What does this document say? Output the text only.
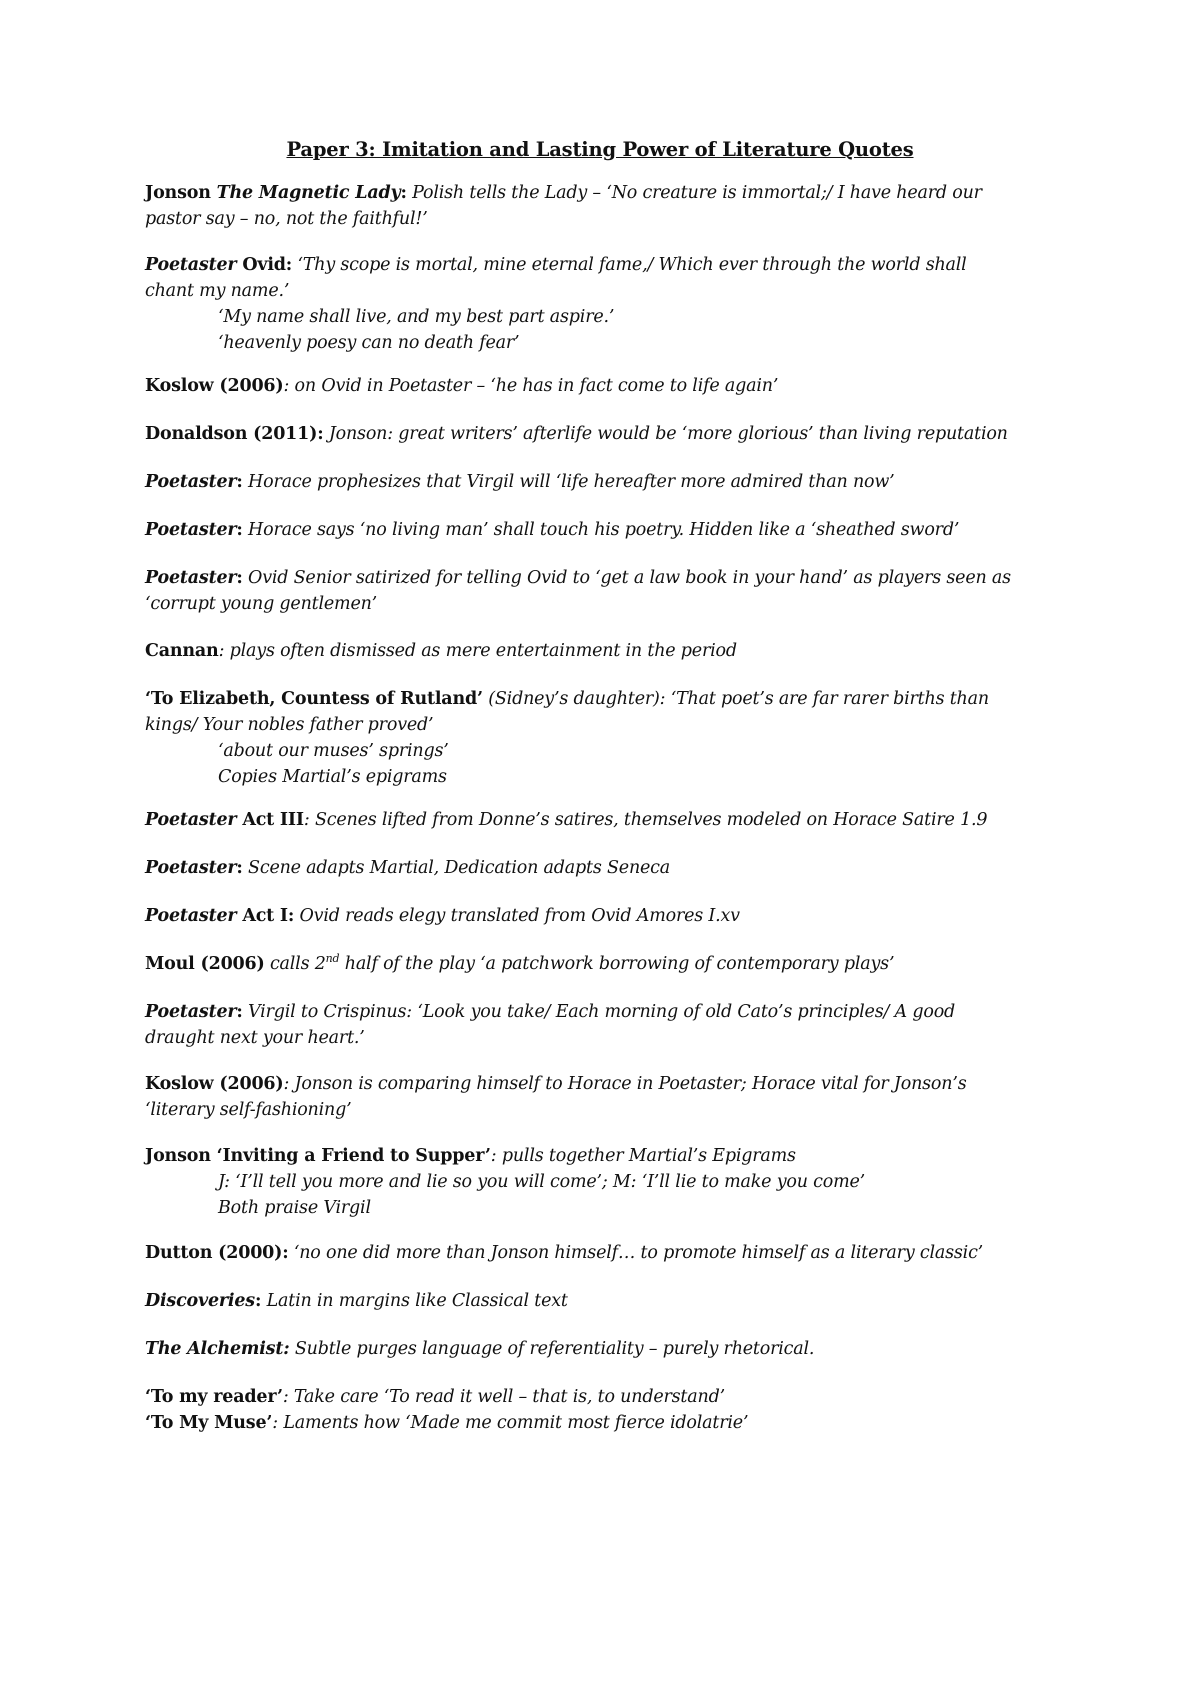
Paper 3: Imitation and Lasting Power of Literature Quotes
Jonson The Magnetic Lady: Polish tells the Lady – ‘No creature is immortal;/ I have heard our
pastor say – no, not the faithful!’
Poetaster Ovid: ‘Thy scope is mortal, mine eternal fame,/ Which ever through the world shall
chant my name.’
‘My name shall live, and my best part aspire.’
‘heavenly poesy can no death fear’
Koslow (2006): on Ovid in Poetaster – ‘he has in fact come to life again’
Donaldson (2011): Jonson: great writers’ afterlife would be ‘more glorious’ than living reputation
Poetaster: Horace prophesizes that Virgil will ‘life hereafter more admired than now’
Poetaster: Horace says ‘no living man’ shall touch his poetry. Hidden like a ‘sheathed sword’
Poetaster: Ovid Senior satirized for telling Ovid to ‘get a law book in your hand’ as players seen as
‘corrupt young gentlemen’
Cannan: plays often dismissed as mere entertainment in the period
‘To Elizabeth, Countess of Rutland’ (Sidney’s daughter): ‘That poet’s are far rarer births than
kings/ Your nobles father proved’
‘about our muses’ springs’
Copies Martial’s epigrams
Poetaster Act III: Scenes lifted from Donne’s satires, themselves modeled on Horace Satire 1.9
Poetaster: Scene adapts Martial, Dedication adapts Seneca
Poetaster Act I: Ovid reads elegy translated from Ovid Amores I.xv
Moul (2006) calls 2nd half of the play ‘a patchwork borrowing of contemporary plays’
Poetaster: Virgil to Crispinus: ‘Look you take/ Each morning of old Cato’s principles/ A good
draught next your heart.’
Koslow (2006): Jonson is comparing himself to Horace in Poetaster; Horace vital for Jonson’s
‘literary self-fashioning’
Jonson ‘Inviting a Friend to Supper’: pulls together Martial’s Epigrams
J: ‘I’ll tell you more and lie so you will come’; M: ‘I’ll lie to make you come’
Both praise Virgil
Dutton (2000): ‘no one did more than Jonson himself… to promote himself as a literary classic’
Discoveries: Latin in margins like Classical text
The Alchemist: Subtle purges language of referentiality – purely rhetorical.
‘To my reader’: Take care ‘To read it well – that is, to understand’
‘To My Muse’: Laments how ‘Made me commit most fierce idolatrie’
